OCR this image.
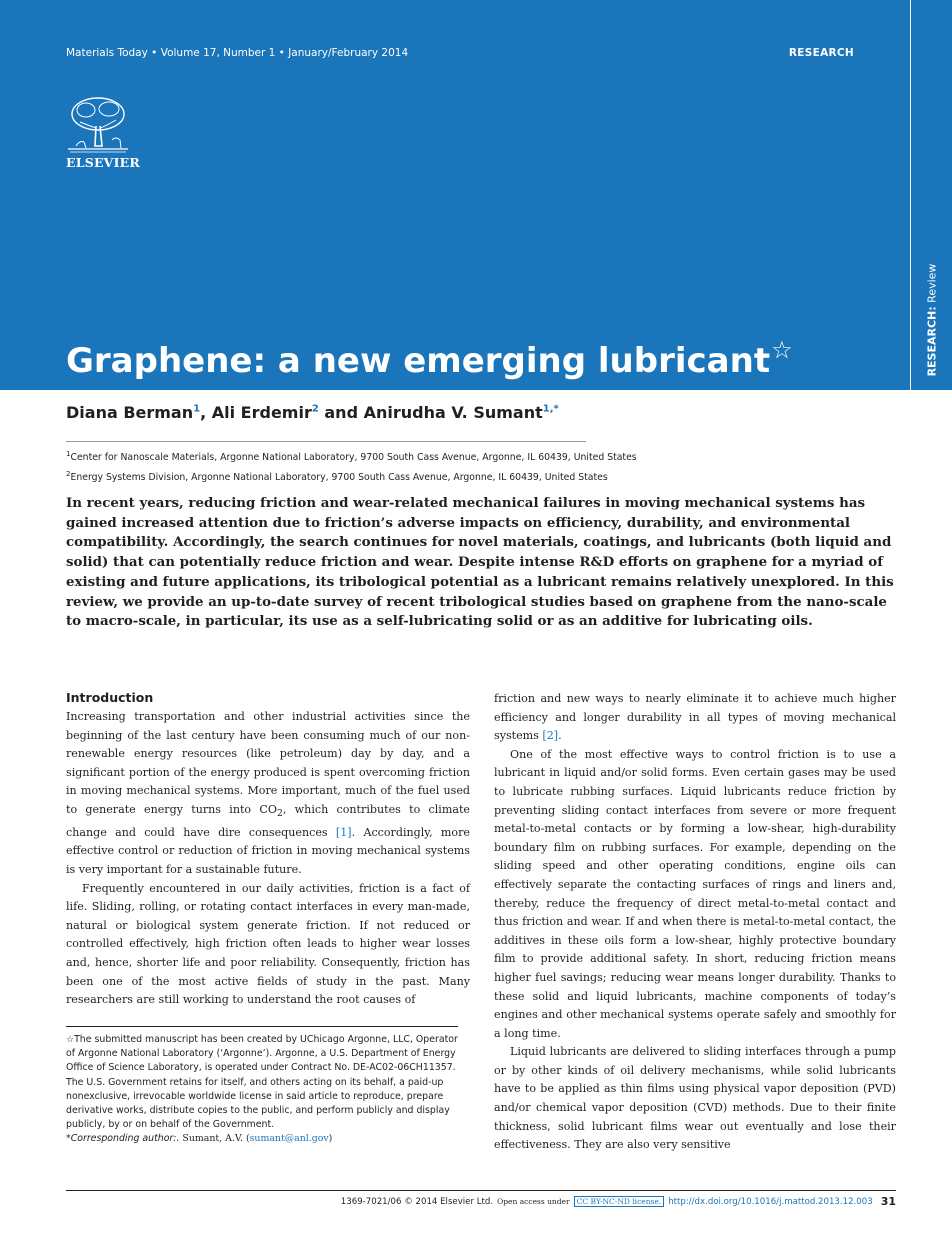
Materials Today • Volume 17, Number 1 • January/February 2014	RESEARCH
ELSEVIER
Graphene: a new emerging lubricant☆	RESEARCH: Review
Diana Berman$^1$, Ali Erdemir$^2$ and Anirudha V. Sumant$^{1,*}$
$^1$Center for Nanoscale Materials, Argonne National Laboratory, 9700 South Cass Avenue, Argonne, IL 60439, United States
$^2$Energy Systems Division, Argonne National Laboratory, 9700 South Cass Avenue, Argonne, IL 60439, United States
In recent years, reducing friction and wear-related mechanical failures in moving mechanical systems has gained increased attention due to friction’s adverse impacts on efficiency, durability, and environmental compatibility. Accordingly, the search continues for novel materials, coatings, and lubricants (both liquid and solid) that can potentially reduce friction and wear. Despite intense R&D efforts on graphene for a myriad of existing and future applications, its tribological potential as a lubricant remains relatively unexplored. In this review, we provide an up-to-date survey of recent tribological studies based on graphene from the nano-scale to macro-scale, in particular, its use as a self-lubricating solid or as an additive for lubricating oils.
Introduction

Increasing transportation and other industrial activities since the beginning of the last century have been consuming much of our non-renewable energy resources (like petroleum) day by day, and a significant portion of the energy produced is spent overcoming friction in moving mechanical systems. More important, much of the fuel used to generate energy turns into $CO_2$, which contributes to climate change and could have dire consequences [1]. Accordingly, more effective control or reduction of friction in moving mechanical systems is very important for a sustainable future.

Frequently encountered in our daily activities, friction is a fact of life. Sliding, rolling, or rotating contact interfaces in every man-made, natural or biological system generate friction. If not reduced or controlled effectively, high friction often leads to higher wear losses and, hence, shorter life and poor reliability. Consequently, friction has been one of the most active fields of study in the past. Many researchers are still working to understand the root causes of

☆The submitted manuscript has been created by UChicago Argonne, LLC, Operator of Argonne National Laboratory (‘Argonne’). Argonne, a U.S. Department of Energy Office of Science Laboratory, is operated under Contract No. DE-AC02-06CH11357. The U.S. Government retains for itself, and others acting on its behalf, a paid-up nonexclusive, irrevocable worldwide license in said article to reproduce, prepare derivative works, distribute copies to the public, and perform publicly and display publicly, by or on behalf of the Government.

*Corresponding author:. Sumant, A.V. (sumant@anl.gov)

friction and new ways to nearly eliminate it to achieve much higher efficiency and longer durability in all types of moving mechanical systems [2].

One of the most effective ways to control friction is to use a lubricant in liquid and/or solid forms. Even certain gases may be used to lubricate rubbing surfaces. Liquid lubricants reduce friction by preventing sliding contact interfaces from severe or more frequent metal-to-metal contacts or by forming a low-shear, high-durability boundary film on rubbing surfaces. For example, depending on the sliding speed and other operating conditions, engine oils can effectively separate the contacting surfaces of rings and liners and, thereby, reduce the frequency of direct metal-to-metal contact and thus friction and wear. If and when there is metal-to-metal contact, the additives in these oils form a low-shear, highly protective boundary film to provide additional safety. In short, reducing friction means higher fuel savings; reducing wear means longer durability. Thanks to these solid and liquid lubricants, machine components of today’s engines and other mechanical systems operate safely and smoothly for a long time.

Liquid lubricants are delivered to sliding interfaces through a pump or by other kinds of oil delivery mechanisms, while solid lubricants have to be applied as thin films using physical vapor deposition (PVD) and/or chemical vapor deposition (CVD) methods. Due to their finite thickness, solid lubricant films wear out eventually and lose their effectiveness. They are also very sensitive

1369-7021/06 © 2014 Elsevier Ltd. Open access under CC BY-NC-ND license. http://dx.doi.org/10.1016/j.mattod.2013.12.003 31
